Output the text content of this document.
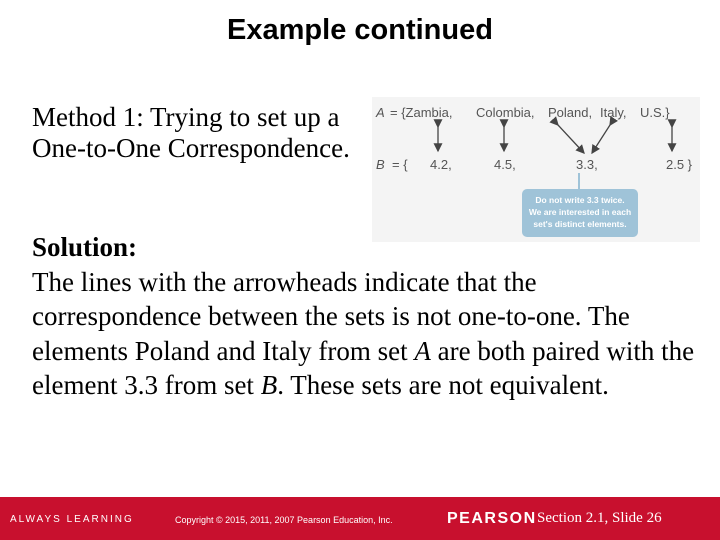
Example continued
Method 1: Trying to set up a One-to-One Correspondence.
A = {Zambia, Colombia, Poland, Italy, U.S.}
B = { 4.2,	4.5,	3.3,	2.5 }
Do not write 3.3 twice.
We are interested in each
set's distinct elements.
Solution:
The lines with the arrowheads indicate that the correspondence between the sets is not one-to-one. The elements Poland and Italy from set A are both paired with the element 3.3 from set B. These sets are not equivalent.
ALWAYS LEARNING	Copyright © 2015, 2011, 2007 Pearson Education, Inc.	PEARSON Section 2.1, Slide 26
